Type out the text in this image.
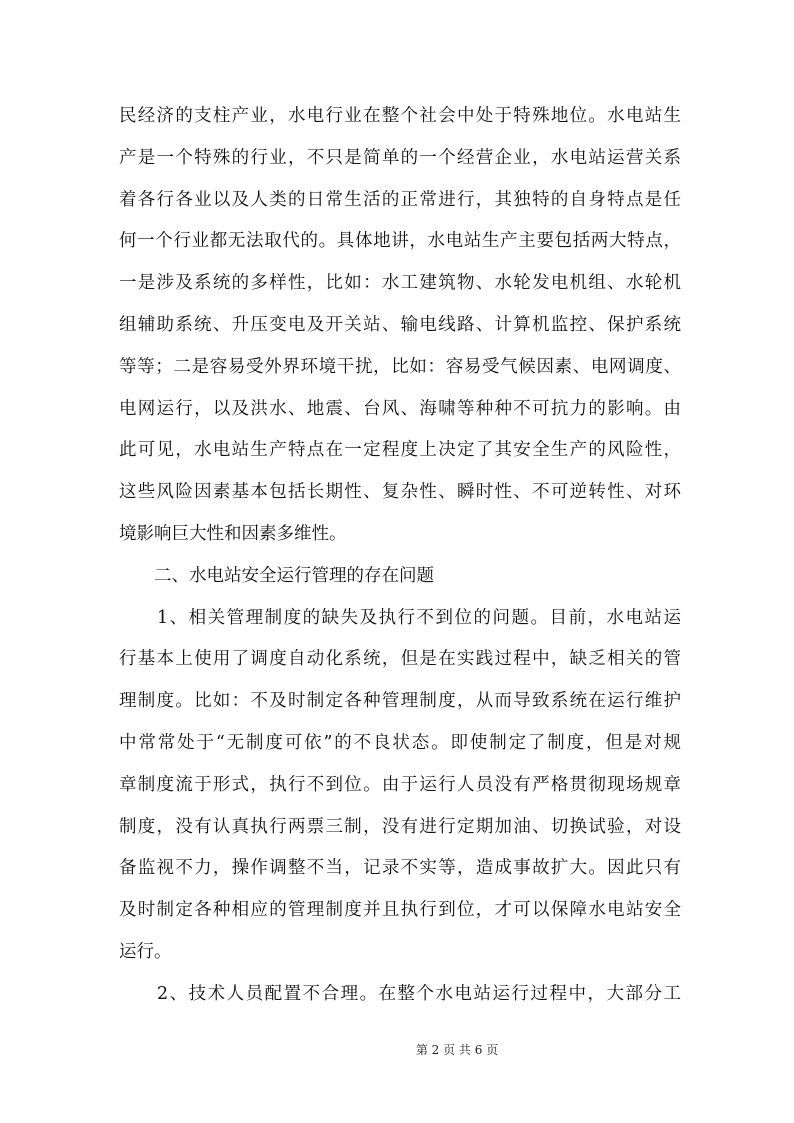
民经济的支柱产业，水电行业在整个社会中处于特殊地位。水电站生
产是一个特殊的行业，不只是简单的一个经营企业，水电站运营关系
着各行各业以及人类的日常生活的正常进行，其独特的自身特点是任
何一个行业都无法取代的。具体地讲，水电站生产主要包括两大特点，
一是涉及系统的多样性，比如：水工建筑物、水轮发电机组、水轮机
组辅助系统、升压变电及开关站、输电线路、计算机监控、保护系统
等等；二是容易受外界环境干扰，比如：容易受气候因素、电网调度、
电网运行，以及洪水、地震、台风、海啸等种种不可抗力的影响。由
此可见，水电站生产特点在一定程度上决定了其安全生产的风险性，
这些风险因素基本包括长期性、复杂性、瞬时性、不可逆转性、对环
境影响巨大性和因素多维性。
　　二、水电站安全运行管理的存在问题
　　1、相关管理制度的缺失及执行不到位的问题。目前，水电站运
行基本上使用了调度自动化系统，但是在实践过程中，缺乏相关的管
理制度。比如：不及时制定各种管理制度，从而导致系统在运行维护
中常常处于“无制度可依”的不良状态。即使制定了制度，但是对规
章制度流于形式，执行不到位。由于运行人员没有严格贯彻现场规章
制度，没有认真执行两票三制，没有进行定期加油、切换试验，对设
备监视不力，操作调整不当，记录不实等，造成事故扩大。因此只有
及时制定各种相应的管理制度并且执行到位，才可以保障水电站安全
运行。
　　2、技术人员配置不合理。在整个水电站运行过程中，大部分工
第 2 页 共 6 页
